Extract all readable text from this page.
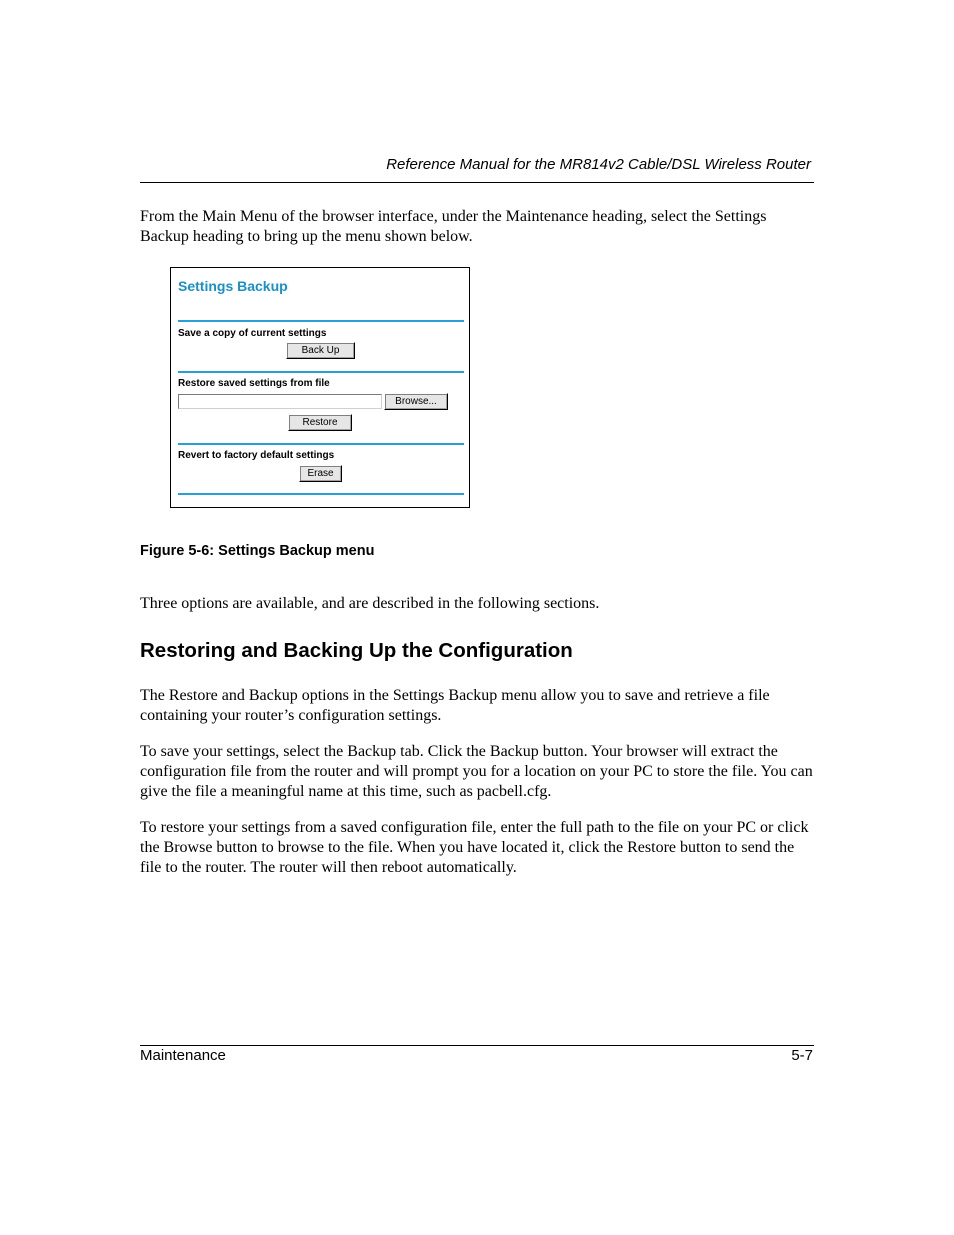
Reference Manual for the MR814v2 Cable/DSL Wireless Router
From the Main Menu of the browser interface, under the Maintenance heading, select the Settings Backup heading to bring up the menu shown below.
Settings Backup
Save a copy of current settings
Back Up
Restore saved settings from file
Browse...
Restore
Revert to factory default settings
Erase
Figure 5-6: Settings Backup menu
Three options are available, and are described in the following sections.
Restoring and Backing Up the Configuration
The Restore and Backup options in the Settings Backup menu allow you to save and retrieve a file containing your router’s configuration settings.
To save your settings, select the Backup tab. Click the Backup button. Your browser will extract the configuration file from the router and will prompt you for a location on your PC to store the file. You can give the file a meaningful name at this time, such as pacbell.cfg.
To restore your settings from a saved configuration file, enter the full path to the file on your PC or click the Browse button to browse to the file. When you have located it, click the Restore button to send the file to the router. The router will then reboot automatically.
Maintenance	5-7
